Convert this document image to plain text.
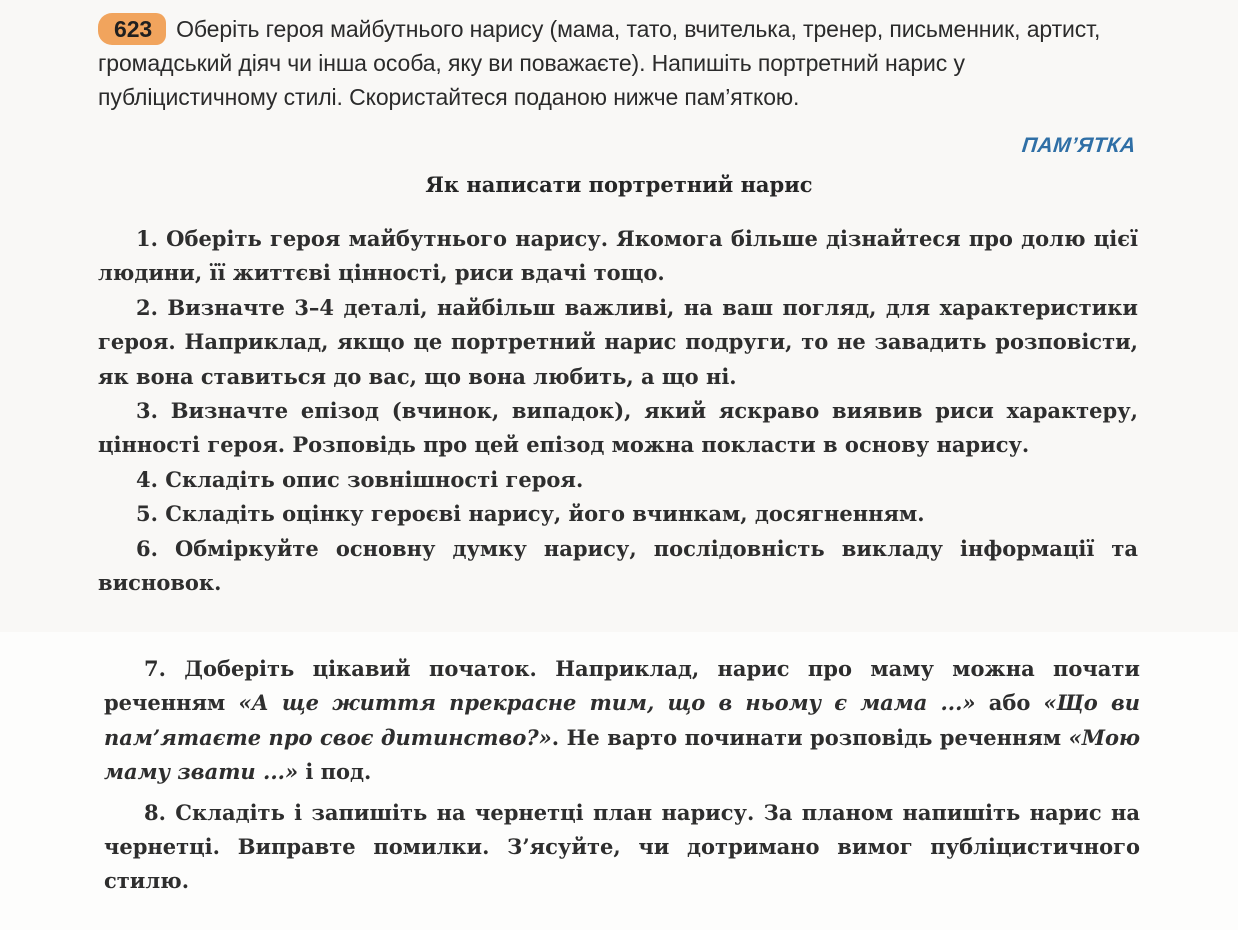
623 Оберіть героя майбутнього нарису (мама, тато, вчителька, тренер, письменник, артист, громадський діяч чи інша особа, яку ви поважаєте). Напишіть портретний нарис у публіцистичному стилі. Скористайтеся поданою нижче пам’яткою.
ПАМ’ЯТКА
Як написати портретний нарис

1. Оберіть героя майбутнього нарису. Якомога більше дізнайтеся про долю цієї людини, її життєві цінності, риси вдачі тощо.

2. Визначте 3–4 деталі, найбільш важливі, на ваш погляд, для характеристики героя. Наприклад, якщо це портретний нарис подруги, то не завадить розповісти, як вона ставиться до вас, що вона любить, а що ні.

3. Визначте епізод (вчинок, випадок), який яскраво виявив риси характеру, цінності героя. Розповідь про цей епізод можна покласти в основу нарису.

4. Складіть опис зовнішності героя.

5. Складіть оцінку героєві нарису, його вчинкам, досягненням.

6. Обміркуйте основну думку нарису, послідовність викладу інформації та висновок.

7. Доберіть цікавий початок. Наприклад, нарис про маму можна почати реченням «А ще життя прекрасне тим, що в ньому є мама ...» або «Що ви пам’ятаєте про своє дитинство?». Не варто починати розповідь реченням «Мою маму звати ...» і под.

8. Складіть і запишіть на чернетці план нарису. За планом напишіть нарис на чернетці. Виправте помилки. З’ясуйте, чи дотримано вимог публіцистичного стилю.
